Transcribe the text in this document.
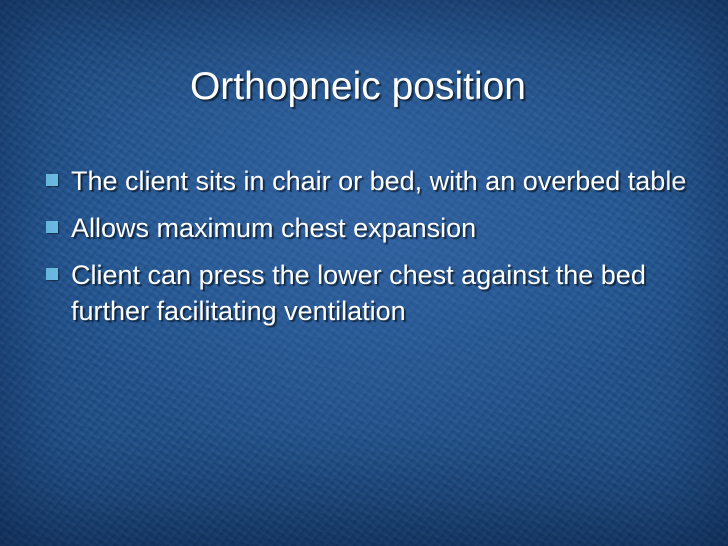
Orthopneic position
The client sits in chair or bed, with an overbed table
Allows maximum chest expansion
Client can press the lower chest against the bed further facilitating ventilation
